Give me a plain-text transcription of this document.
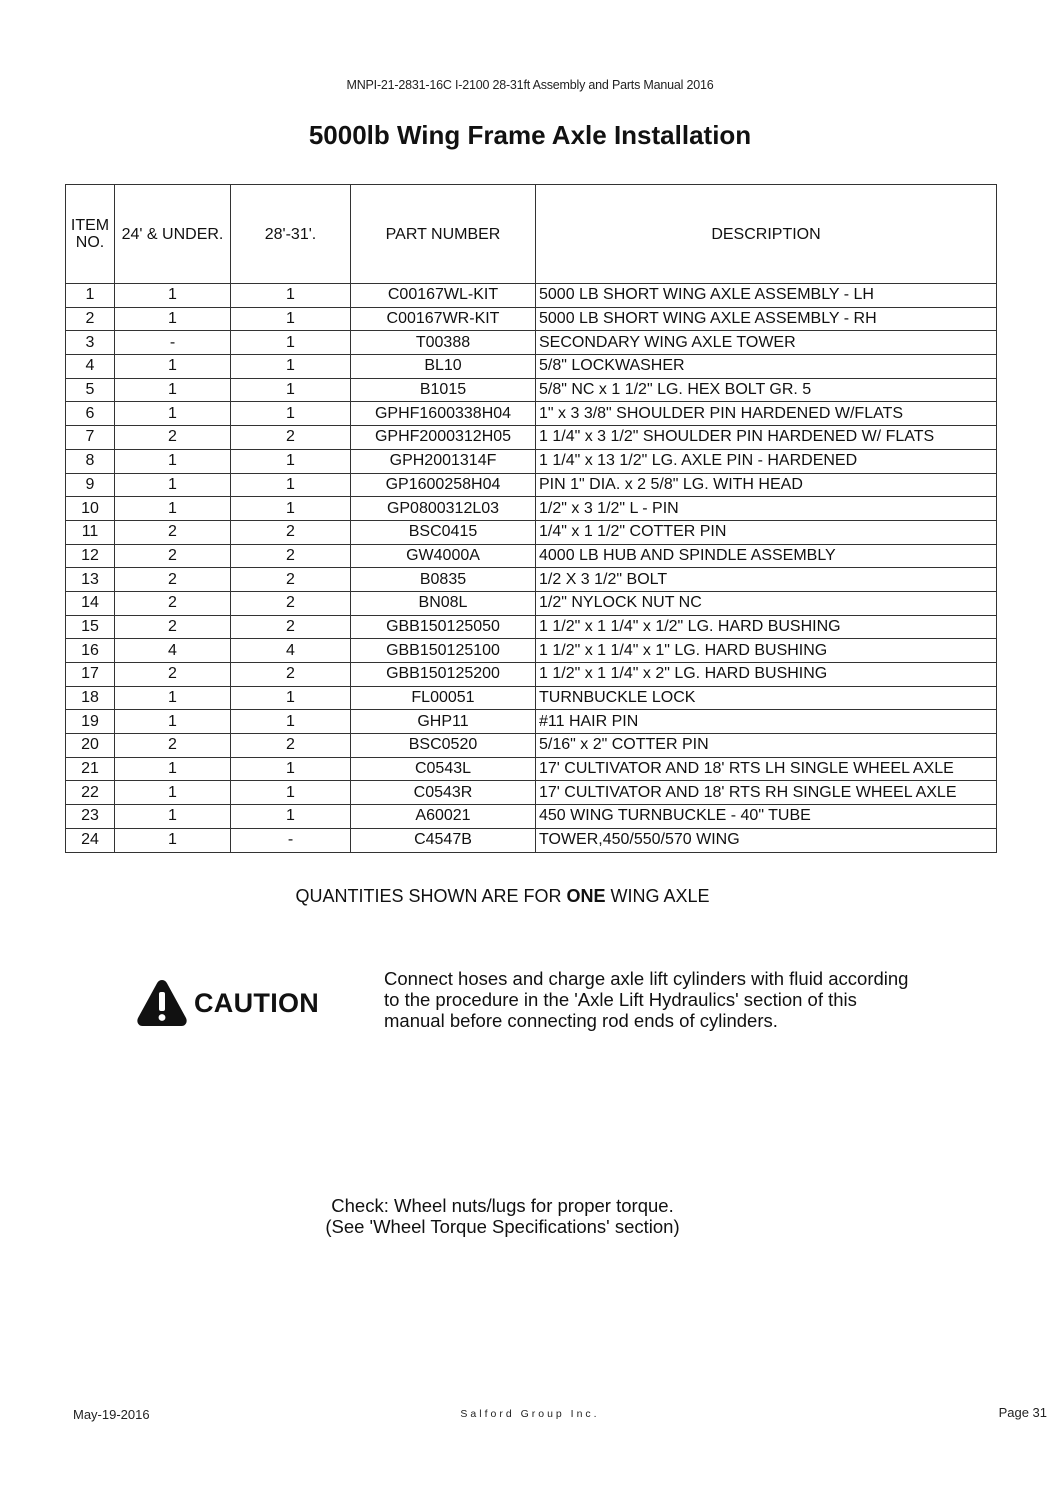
MNPI-21-2831-16C I-2100 28-31ft Assembly and Parts Manual 2016
5000lb Wing Frame Axle Installation
ITEM
NO.	24' & UNDER.	28'-31'.	PART NUMBER	DESCRIPTION
1	1	1	C00167WL-KIT	5000 LB SHORT WING AXLE ASSEMBLY - LH
2	1	1	C00167WR-KIT	5000 LB SHORT WING AXLE ASSEMBLY - RH
3	-	1	T00388	SECONDARY WING AXLE TOWER
4	1	1	BL10	5/8" LOCKWASHER
5	1	1	B1015	5/8" NC x 1 1/2" LG. HEX BOLT GR. 5
6	1	1	GPHF1600338H04	1" x 3 3/8" SHOULDER PIN HARDENED W/FLATS
7	2	2	GPHF2000312H05	1 1/4" x 3 1/2" SHOULDER PIN HARDENED W/ FLATS
8	1	1	GPH2001314F	1 1/4" x 13 1/2" LG. AXLE PIN - HARDENED
9	1	1	GP1600258H04	PIN 1" DIA. x 2 5/8" LG. WITH HEAD
10	1	1	GP0800312L03	1/2" x 3 1/2" L - PIN
11	2	2	BSC0415	1/4" x 1 1/2" COTTER PIN
12	2	2	GW4000A	4000 LB HUB AND SPINDLE ASSEMBLY
13	2	2	B0835	1/2 X 3 1/2" BOLT
14	2	2	BN08L	1/2" NYLOCK NUT NC
15	2	2	GBB150125050	1 1/2" x 1 1/4" x 1/2" LG. HARD BUSHING
16	4	4	GBB150125100	1 1/2" x 1 1/4" x 1" LG. HARD BUSHING
17	2	2	GBB150125200	1 1/2" x 1 1/4" x 2" LG. HARD BUSHING
18	1	1	FL00051	TURNBUCKLE LOCK
19	1	1	GHP11	#11 HAIR PIN
20	2	2	BSC0520	5/16" x 2" COTTER PIN
21	1	1	C0543L	17' CULTIVATOR AND 18' RTS LH SINGLE WHEEL AXLE
22	1	1	C0543R	17' CULTIVATOR AND 18' RTS RH SINGLE WHEEL AXLE
23	1	1	A60021	450 WING TURNBUCKLE - 40" TUBE
24	1	-	C4547B	TOWER,450/550/570 WING
QUANTITIES SHOWN ARE FOR ONE WING AXLE
CAUTION
Connect hoses and charge axle lift cylinders with fluid according
to the procedure in the 'Axle Lift Hydraulics' section of this
manual before connecting rod ends of cylinders.
Check: Wheel nuts/lugs for proper torque.
(See 'Wheel Torque Specifications' section)
May-19-2016	Salford Group Inc.	Page 31
